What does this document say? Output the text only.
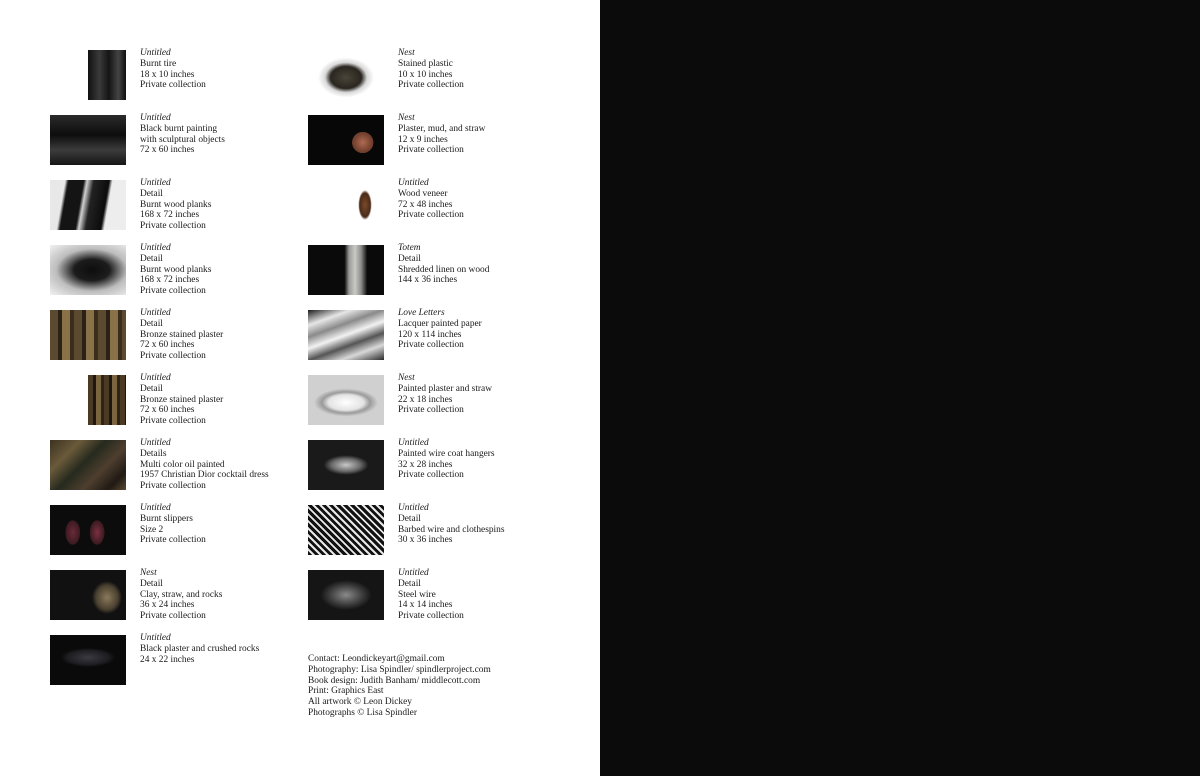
Untitled
Burnt tire
18 x 10 inches
Private collection
Untitled
Black burnt painting
with sculptural objects
72 x 60 inches
Untitled
Detail
Burnt wood planks
168 x 72 inches
Private collection
Untitled
Detail
Burnt wood planks
168 x 72 inches
Private collection
Untitled
Detail
Bronze stained plaster
72 x 60 inches
Private collection
Untitled
Detail
Bronze stained plaster
72 x 60 inches
Private collection
Untitled
Details
Multi color oil painted
1957 Christian Dior cocktail dress
Private collection
Untitled
Burnt slippers
Size 2
Private collection
Nest
Detail
Clay, straw, and rocks
36 x 24 inches
Private collection
Untitled
Black plaster and crushed rocks
24 x 22 inches
Nest
Stained plastic
10 x 10 inches
Private collection
Nest
Plaster, mud, and straw
12 x 9 inches
Private collection
Untitled
Wood veneer
72 x 48 inches
Private collection
Totem
Detail
Shredded linen on wood
144 x 36 inches
Love Letters
Lacquer painted paper
120 x 114 inches
Private collection
Nest
Painted plaster and straw
22 x 18 inches
Private collection
Untitled
Painted wire coat hangers
32 x 28 inches
Private collection
Untitled
Detail
Barbed wire and clothespins
30 x 36 inches
Untitled
Detail
Steel wire
14 x 14 inches
Private collection
Contact: Leondickeyart@gmail.com
Photography: Lisa Spindler/ spindlerproject.com
Book design: Judith Banham/ middlecott.com
Print: Graphics East
All artwork © Leon Dickey
Photographs © Lisa Spindler
